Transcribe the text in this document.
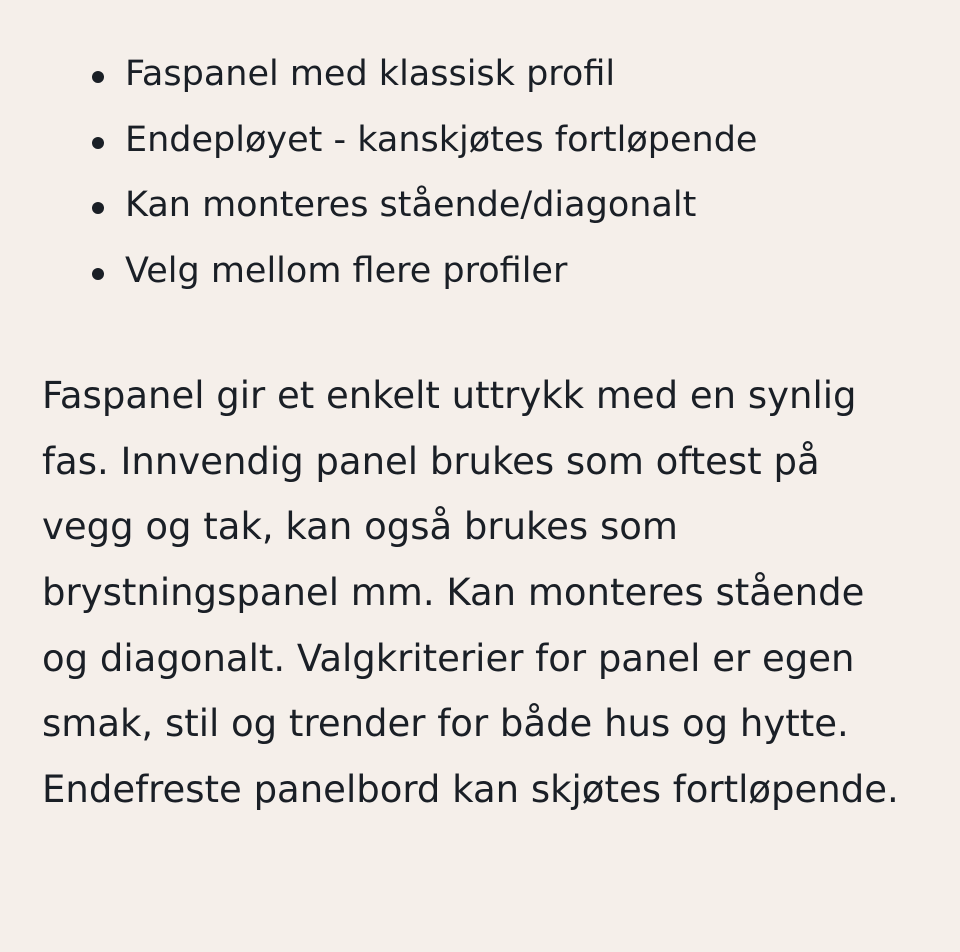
Faspanel med klassisk profil
Endepløyet - kanskjøtes fortløpende
Kan monteres stående/diagonalt
Velg mellom flere profiler

Faspanel gir et enkelt uttrykk med en synlig
fas. Innvendig panel brukes som oftest på
vegg og tak, kan også brukes som
brystningspanel mm. Kan monteres stående
og diagonalt. Valgkriterier for panel er egen
smak, stil og trender for både hus og hytte.
Endefreste panelbord kan skjøtes fortløpende.
